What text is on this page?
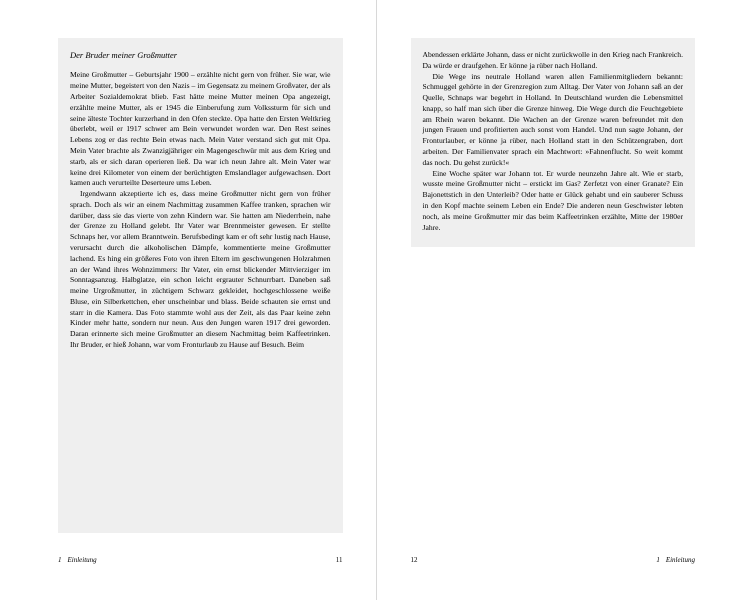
Der Bruder meiner Großmutter

Meine Großmutter – Geburtsjahr 1900 – erzählte nicht gern von früher. Sie war, wie meine Mutter, begeistert von den Nazis – im Gegensatz zu meinem Großvater, der als Arbeiter Sozialdemokrat blieb. Fast hätte meine Mutter meinen Opa angezeigt, erzählte meine Mutter, als er 1945 die Einberufung zum Volkssturm für sich und seine älteste Tochter kurzerhand in den Ofen steckte. Opa hatte den Ersten Weltkrieg überlebt, weil er 1917 schwer am Bein verwundet worden war. Den Rest seines Lebens zog er das rechte Bein etwas nach. Mein Vater verstand sich gut mit Opa. Mein Vater brachte als Zwanzigjähriger ein Magengeschwür mit aus dem Krieg und starb, als er sich daran operieren ließ. Da war ich neun Jahre alt. Mein Vater war keine drei Kilometer von einem der berüchtigten Emslandlager aufgewachsen. Dort kamen auch verurteilte Deserteure ums Leben.

Irgendwann akzeptierte ich es, dass meine Großmutter nicht gern von früher sprach. Doch als wir an einem Nachmittag zusammen Kaffee tranken, sprachen wir darüber, dass sie das vierte von zehn Kindern war. Sie hatten am Niederrhein, nahe der Grenze zu Holland gelebt. Ihr Vater war Brennmeister gewesen. Er stellte Schnaps her, vor allem Branntwein. Berufsbedingt kam er oft sehr lustig nach Hause, verursacht durch die alkoholischen Dämpfe, kommentierte meine Großmutter lachend. Es hing ein größeres Foto von ihren Eltern im geschwungenen Holzrahmen an der Wand ihres Wohnzimmers: Ihr Vater, ein ernst blickender Mittvierziger im Sonntagsanzug. Halbglatze, ein schon leicht ergrauter Schnurrbart. Daneben saß meine Urgroßmutter, in züchtigem Schwarz gekleidet, hochgeschlossene weiße Bluse, ein Silberkettchen, eher unscheinbar und blass. Beide schauten sie ernst und starr in die Kamera. Das Foto stammte wohl aus der Zeit, als das Paar keine zehn Kinder mehr hatte, sondern nur neun. Aus den Jungen waren 1917 drei geworden. Daran erinnerte sich meine Großmutter an diesem Nachmittag beim Kaffeetrinken. Ihr Bruder, er hieß Johann, war vom Fronturlaub zu Hause auf Besuch. Beim

1 Einleitung	11

Abendessen erklärte Johann, dass er nicht zurückwolle in den Krieg nach Frankreich. Da würde er draufgehen. Er könne ja rüber nach Holland.

Die Wege ins neutrale Holland waren allen Familienmitgliedern bekannt: Schmuggel gehörte in der Grenzregion zum Alltag. Der Vater von Johann saß an der Quelle, Schnaps war begehrt in Holland. In Deutschland wurden die Lebensmittel knapp, so half man sich über die Grenze hinweg. Die Wege durch die Feuchtgebiete am Rhein waren bekannt. Die Wachen an der Grenze waren befreundet mit den jungen Frauen und profitierten auch sonst vom Handel. Und nun sagte Johann, der Fronturlauber, er könne ja rüber, nach Holland statt in den Schützengraben, dort arbeiten. Der Familienvater sprach ein Machtwort: »Fahnenflucht. So weit kommt das noch. Du gehst zurück!«

Eine Woche später war Johann tot. Er wurde neunzehn Jahre alt. Wie er starb, wusste meine Großmutter nicht – erstickt im Gas? Zerfetzt von einer Granate? Ein Bajonettstich in den Unterleib? Oder hatte er Glück gehabt und ein sauberer Schuss in den Kopf machte seinem Leben ein Ende? Die anderen neun Geschwister lebten noch, als meine Großmutter mir das beim Kaffeetrinken erzählte, Mitte der 1980er Jahre.

12	1 Einleitung
